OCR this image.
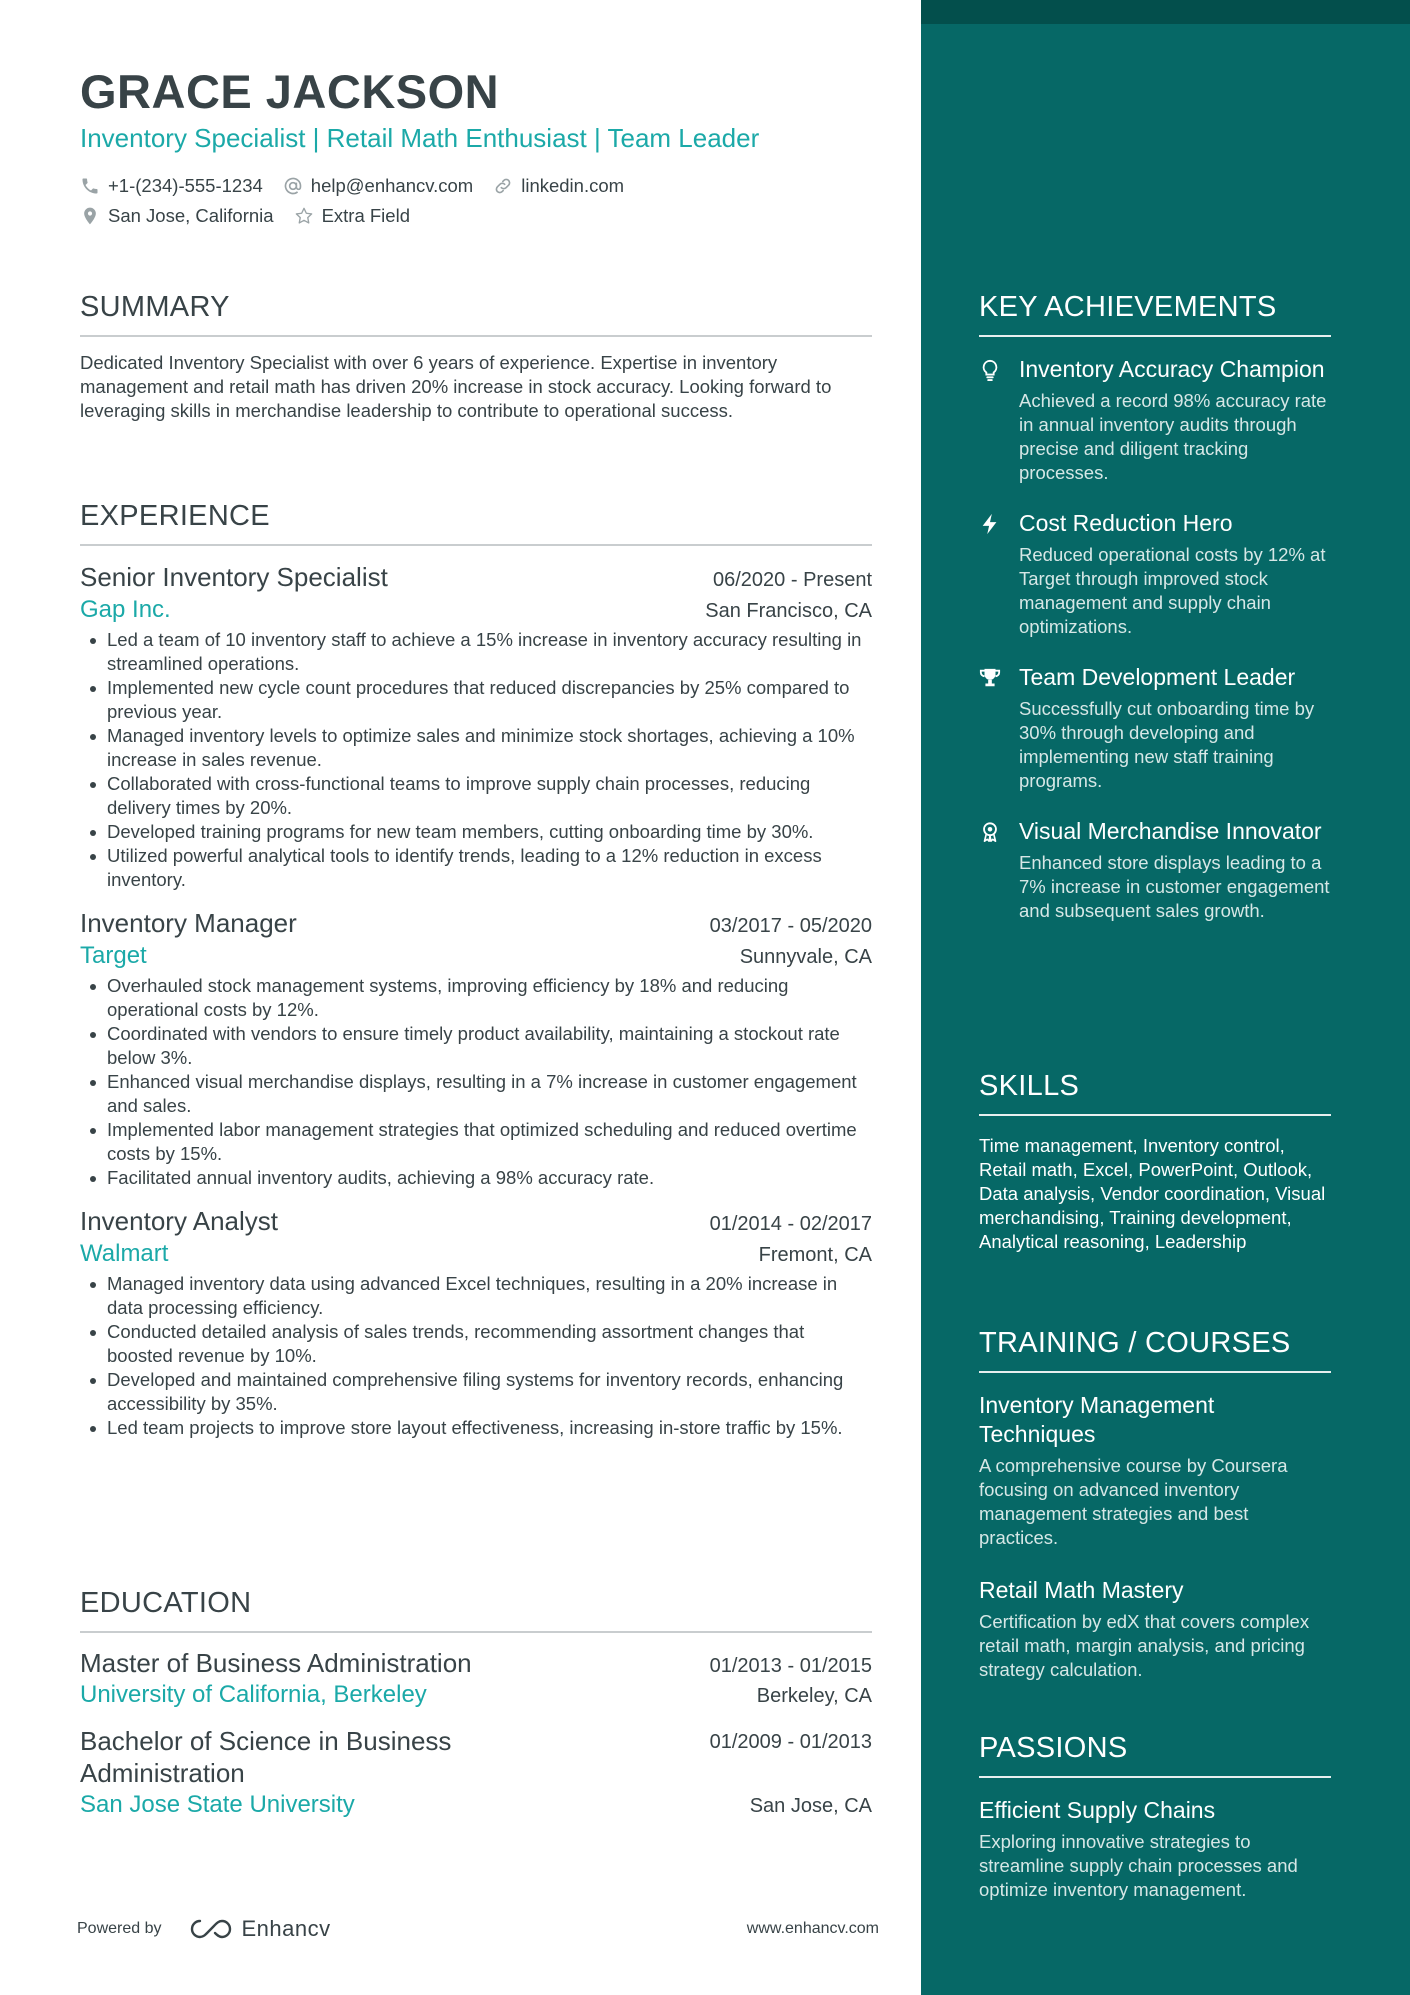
GRACE JACKSON
Inventory Specialist | Retail Math Enthusiast | Team Leader
+1-(234)-555-1234	help@enhancv.com	linkedin.com
San Jose, California	Extra Field
SUMMARY
Dedicated Inventory Specialist with over 6 years of experience. Expertise in inventory management and retail math has driven 20% increase in stock accuracy. Looking forward to leveraging skills in merchandise leadership to contribute to operational success.
EXPERIENCE
Senior Inventory Specialist	06/2020 - Present
Gap Inc.	San Francisco, CA
Led a team of 10 inventory staff to achieve a 15% increase in inventory accuracy resulting in streamlined operations.
Implemented new cycle count procedures that reduced discrepancies by 25% compared to previous year.
Managed inventory levels to optimize sales and minimize stock shortages, achieving a 10% increase in sales revenue.
Collaborated with cross-functional teams to improve supply chain processes, reducing delivery times by 20%.
Developed training programs for new team members, cutting onboarding time by 30%.
Utilized powerful analytical tools to identify trends, leading to a 12% reduction in excess inventory.
Inventory Manager	03/2017 - 05/2020
Target	Sunnyvale, CA
Overhauled stock management systems, improving efficiency by 18% and reducing operational costs by 12%.
Coordinated with vendors to ensure timely product availability, maintaining a stockout rate below 3%.
Enhanced visual merchandise displays, resulting in a 7% increase in customer engagement and sales.
Implemented labor management strategies that optimized scheduling and reduced overtime costs by 15%.
Facilitated annual inventory audits, achieving a 98% accuracy rate.
Inventory Analyst	01/2014 - 02/2017
Walmart	Fremont, CA
Managed inventory data using advanced Excel techniques, resulting in a 20% increase in data processing efficiency.
Conducted detailed analysis of sales trends, recommending assortment changes that boosted revenue by 10%.
Developed and maintained comprehensive filing systems for inventory records, enhancing accessibility by 35%.
Led team projects to improve store layout effectiveness, increasing in-store traffic by 15%.
EDUCATION
Master of Business Administration	01/2013 - 01/2015
University of California, Berkeley	Berkeley, CA
Bachelor of Science in Business Administration
01/2009 - 01/2013
San Jose State University	San Jose, CA
Powered by	Enhancv	www.enhancv.com
KEY ACHIEVEMENTS
Inventory Accuracy Champion
Achieved a record 98% accuracy rate in annual inventory audits through precise and diligent tracking processes.
Cost Reduction Hero
Reduced operational costs by 12% at Target through improved stock management and supply chain optimizations.
Team Development Leader
Successfully cut onboarding time by 30% through developing and implementing new staff training programs.
Visual Merchandise Innovator
Enhanced store displays leading to a 7% increase in customer engagement and subsequent sales growth.
SKILLS
Time management, Inventory control, Retail math, Excel, PowerPoint, Outlook, Data analysis, Vendor coordination, Visual merchandising, Training development, Analytical reasoning, Leadership
TRAINING / COURSES
Inventory Management Techniques
A comprehensive course by Coursera focusing on advanced inventory management strategies and best practices.
Retail Math Mastery
Certification by edX that covers complex retail math, margin analysis, and pricing strategy calculation.
PASSIONS
Efficient Supply Chains
Exploring innovative strategies to streamline supply chain processes and optimize inventory management.
